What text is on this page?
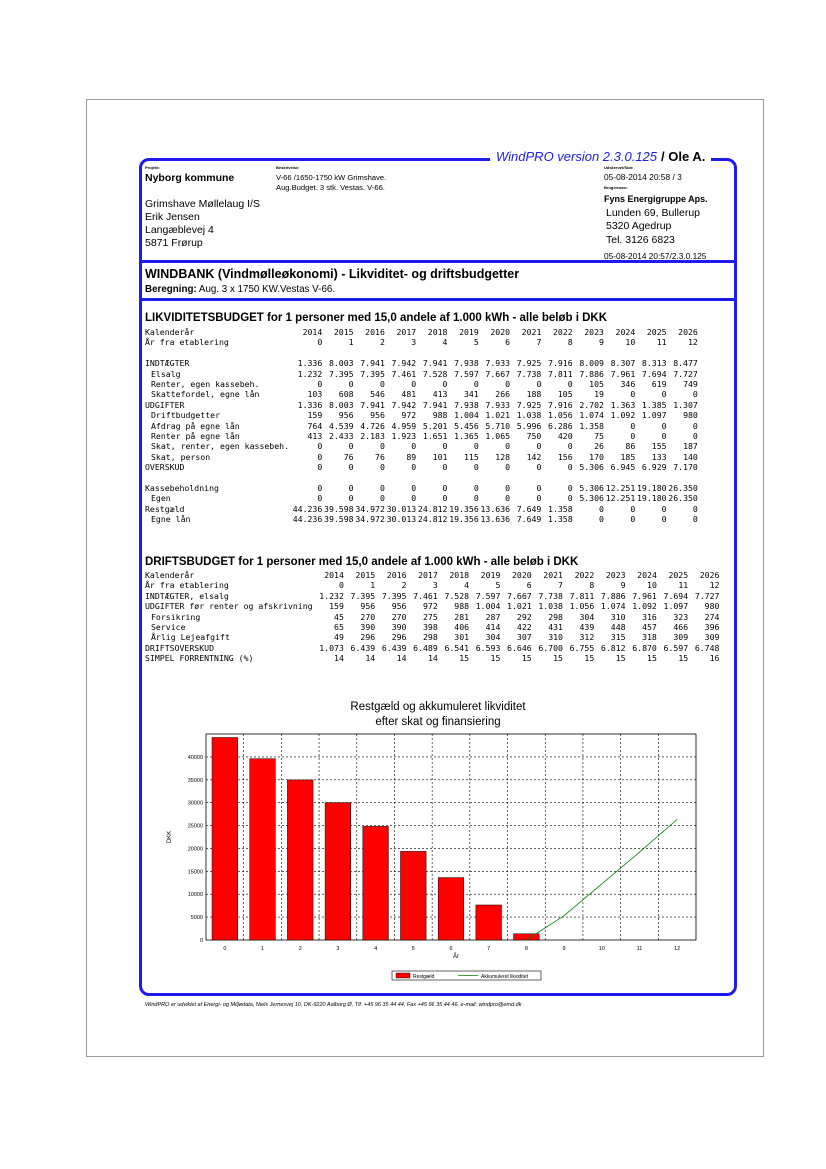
WindPRO version 2.3.0.125 / Ole A.
Projekt:
Nyborg kommune
Beskrivelse:
V-66 /1650-1750 kW Grimshave.
Aug.Budget. 3 stk. Vestas. V-66.
Udskrevet/Side
05-08-2014 20:58 / 3
Brugernavn:
Fyns Energigruppe Aps.
Lunden 69, Bullerup
5320 Agedrup
Tel. 3126 6823
05-08-2014 20:57/2.3.0.125
Grimshave Møllelaug I/S
Erik Jensen
Langæblevej 4
5871 Frørup
WINDBANK (Vindmølleøkonomi) - Likviditet- og driftsbudgetter
Beregning: Aug. 3 x 1750 KW.Vestas V-66.
LIKVIDITETSBUDGET for 1 personer med 15,0 andele af 1.000 kWh - alle beløb i DKK
Kalenderår	2014	2015	2016	2017	2018	2019	2020	2021	2022	2023	2024	2025	2026
År fra etablering	0	1	2	3	4	5	6	7	8	9	10	11	12

INDTÆGTER	1.336	8.003	7.941	7.942	7.941	7.938	7.933	7.925	7.916	8.009	8.307	8.313	8.477
Elsalg	1.232	7.395	7.395	7.461	7.528	7.597	7.667	7.738	7.811	7.886	7.961	7.694	7.727
Renter, egen kassebeh.	0	0	0	0	0	0	0	0	0	105	346	619	749
Skattefordel, egne lån	103	608	546	481	413	341	266	188	105	19	0	0	0
UDGIFTER	1.336	8.003	7.941	7.942	7.941	7.938	7.933	7.925	7.916	2.702	1.363	1.385	1.307
Driftbudgetter	159	956	956	972	988	1.004	1.021	1.038	1.056	1.074	1.092	1.097	980
Afdrag på egne lån	764	4.539	4.726	4.959	5.201	5.456	5.710	5.996	6.286	1.358	0	0	0
Renter på egne lån	413	2.433	2.183	1.923	1.651	1.365	1.065	750	420	75	0	0	0
Skat, renter, egen kassebeh.	0	0	0	0	0	0	0	0	0	26	86	155	187
Skat, person	0	76	76	89	101	115	128	142	156	170	185	133	140
OVERSKUD	0	0	0	0	0	0	0	0	0	5.306	6.945	6.929	7.170

Kassebeholdning	0	0	0	0	0	0	0	0	0	5.306	12.251	19.180	26.350
Egen	0	0	0	0	0	0	0	0	0	5.306	12.251	19.180	26.350
Restgæld	44.236	39.598	34.972	30.013	24.812	19.356	13.636	7.649	1.358	0	0	0	0
Egne lån	44.236	39.598	34.972	30.013	24.812	19.356	13.636	7.649	1.358	0	0	0	0
DRIFTSBUDGET for 1 personer med 15,0 andele af 1.000 kWh - alle beløb i DKK
Kalenderår	2014	2015	2016	2017	2018	2019	2020	2021	2022	2023	2024	2025	2026
År fra etablering	0	1	2	3	4	5	6	7	8	9	10	11	12
INDTÆGTER, elsalg	1.232	7.395	7.395	7.461	7.528	7.597	7.667	7.738	7.811	7.886	7.961	7.694	7.727
UDGIFTER før renter og afskrivning	159	956	956	972	988	1.004	1.021	1.038	1.056	1.074	1.092	1.097	980
Forsikring	45	270	270	275	281	287	292	298	304	310	316	323	274
Service	65	390	390	398	406	414	422	431	439	448	457	466	396
Årlig Lejeafgift	49	296	296	298	301	304	307	310	312	315	318	309	309
DRIFTSOVERSKUD	1.073	6.439	6.439	6.489	6.541	6.593	6.646	6.700	6.755	6.812	6.870	6.597	6.748
SIMPEL FORRENTNING (%)	14	14	14	14	15	15	15	15	15	15	15	15	16
Restgæld og akkumuleret likviditet
efter skat og finansiering
0
5000
10000
15000
20000
25000
30000
35000
40000
0	1	2	3	4	5	6	7	8	9	10	11	12
DKK
År
Restgæld	Akkumuleret likviditet
WindPRO er udviklet af Energi- og Miljødata, Niels Jernesvej 10, DK-9220 Aalborg Ø, Tlf. +45 96 35 44 44, Fax +45 96 35 44 46, e-mail: windpro@emd.dk
